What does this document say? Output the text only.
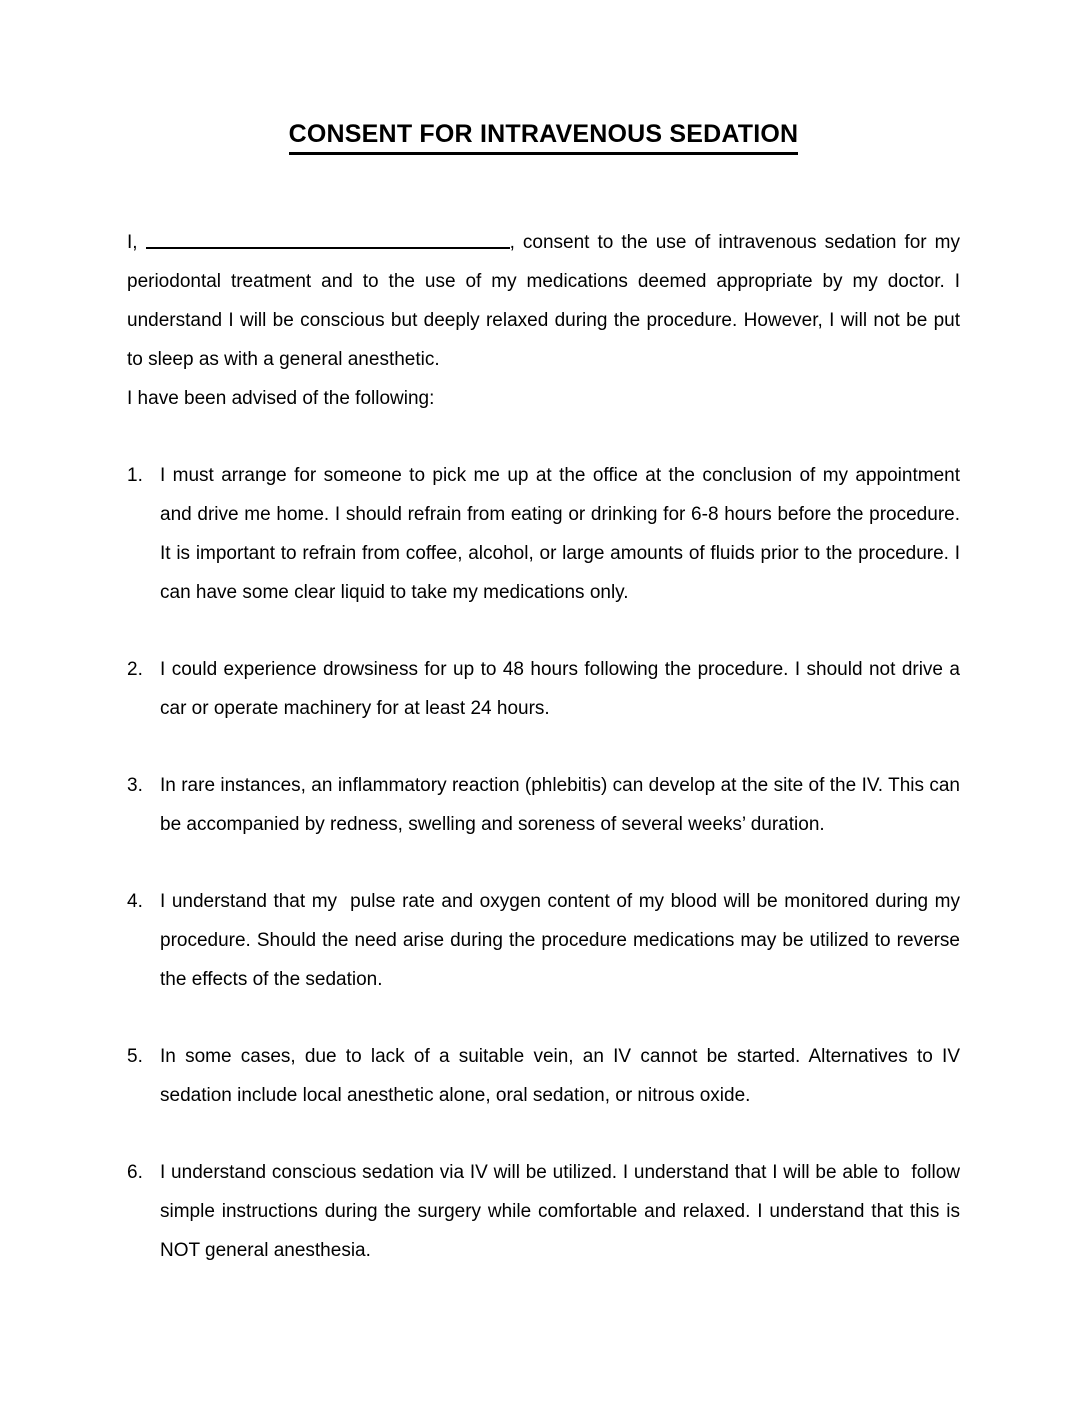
CONSENT FOR INTRAVENOUS SEDATION

I,	, consent to the use of intravenous sedation for my periodontal treatment and to the use of my medications deemed appropriate by my doctor. I understand I will be conscious but deeply relaxed during the procedure. However, I will not be put to sleep as with a general anesthetic.

I have been advised of the following:

1. I must arrange for someone to pick me up at the office at the conclusion of my appointment and drive me home. I should refrain from eating or drinking for 6-8 hours before the procedure. It is important to refrain from coffee, alcohol, or large amounts of fluids prior to the procedure. I can have some clear liquid to take my medications only.
2. I could experience drowsiness for up to 48 hours following the procedure. I should not drive a car or operate machinery for at least 24 hours.
3. In rare instances, an inflammatory reaction (phlebitis) can develop at the site of the IV. This can be accompanied by redness, swelling and soreness of several weeks’ duration.
4. I understand that my  pulse rate and oxygen content of my blood will be monitored during my procedure. Should the need arise during the procedure medications may be utilized to reverse the effects of the sedation.
5. In some cases, due to lack of a suitable vein, an IV cannot be started. Alternatives to IV sedation include local anesthetic alone, oral sedation, or nitrous oxide.
6. I understand conscious sedation via IV will be utilized. I understand that I will be able to  follow simple instructions during the surgery while comfortable and relaxed. I understand that this is NOT general anesthesia.
